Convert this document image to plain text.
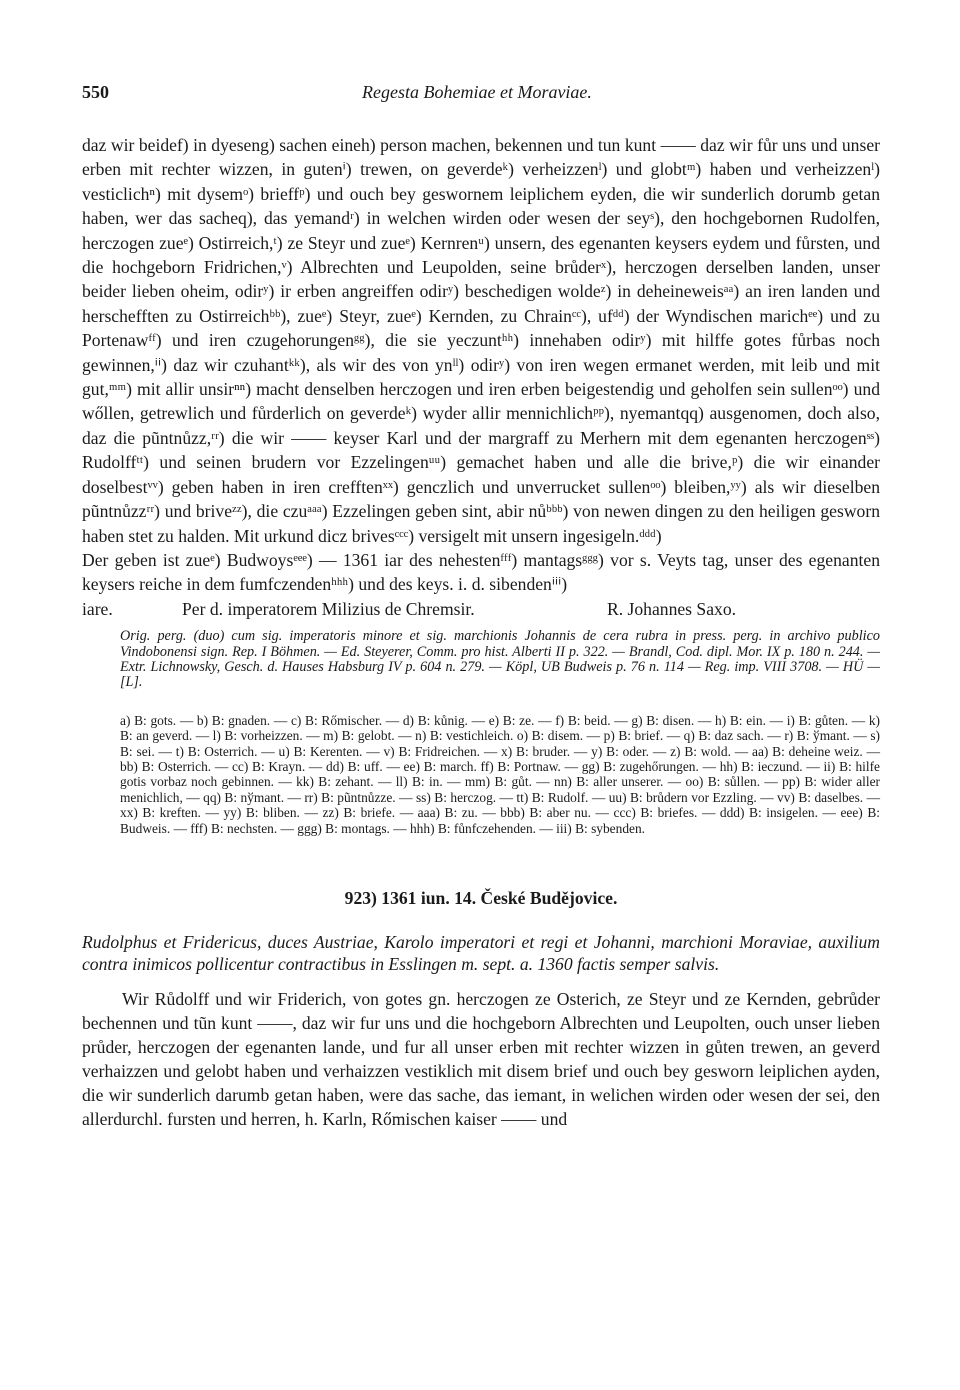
550	Regesta Bohemiae et Moraviae.

daz wir beidef) in dyeseng) sachen eineh) person machen, bekennen und tun kunt —— daz wir fůr uns und unser erben mit rechter wizzen, in gutenⁱ) trewen, on geverdeᵏ) verheizzenˡ) und globtᵐ) haben und verheizzenˡ) vesticlichⁿ) mit dysemᵒ) brieffᵖ) und ouch bey geswornem leiplichem eyden, die wir sunderlich dorumb getan haben, wer das sacheq), das yemandʳ) in welchen wirden oder wesen der seyˢ), den hochgebornen Rudolfen, herczogen zueᵉ) Ostirreich,ᵗ) ze Steyr und zueᵉ) Kernrenᵘ) unsern, des egenanten keysers eydem und fůrsten, und die hochgeborn Fridrichen,ᵛ) Albrechten und Leupolden, seine brůderˣ), herczogen derselben landen, unser beider lieben oheim, odirʸ) ir erben angreiffen odirʸ) beschedigen woldeᶻ) in deheineweisᵃᵃ) an iren landen und herschefften zu Ostirreichᵇᵇ), zueᵉ) Steyr, zueᵉ) Kernden, zu Chrainᶜᶜ), ufᵈᵈ) der Wyndischen marichᵉᵉ) und zu Portenawᶠᶠ) und iren czugehorungenᵍᵍ), die sie yeczuntʰʰ) innehaben odirʸ) mit hilffe gotes fůrbas noch gewinnen,ⁱⁱ) daz wir czuhantᵏᵏ), als wir des von ynˡˡ) odirʸ) von iren wegen ermanet werden, mit leib und mit gut,ᵐᵐ) mit allir unsirⁿⁿ) macht denselben herczogen und iren erben beigestendig und geholfen sein sullenᵒᵒ) und wőllen, getrewlich und fůrderlich on geverdeᵏ) wyder allir mennichlichᵖᵖ), nyemantqq) ausgenomen, doch also, daz die pũntnůzz,ʳʳ) die wir —— keyser Karl und der margraff zu Merhern mit dem egenanten herczogenˢˢ) Rudolffᵗᵗ) und seinen brudern vor Ezzelingenᵘᵘ) gemachet haben und alle die brive,ᵖ) die wir einander doselbestᵛᵛ) geben haben in iren crefftenˣˣ) genczlich und unverrucket sullenᵒᵒ) bleiben,ʸʸ) als wir dieselben pũntnůzzʳʳ) und briveᶻᶻ), die czuᵃᵃᵃ) Ezzelingen geben sint, abir nůᵇᵇᵇ) von newen dingen zu den heiligen gesworn haben stet zu halden. Mit urkund dicz brivesᶜᶜᶜ) versigelt mit unsern ingesigeln.ᵈᵈᵈ)

Der geben ist zueᵉ) Budwoysᵉᵉᵉ) — 1361 iar des nehestenᶠᶠᶠ) mantagsᵍᵍᵍ) vor s. Veyts tag, unser des egenanten keysers reiche in dem fumfczendenʰʰʰ) und des keys. i. d. sibendenⁱⁱⁱ)

iare.	Per d. imperatorem Milizius de Chremsir.	R. Johannes Saxo.

Orig. perg. (duo) cum sig. imperatoris minore et sig. marchionis Johannis de cera rubra in press. perg. in archivo publico Vindobonensi sign. Rep. I Böhmen. — Ed. Steyerer, Comm. pro hist. Alberti II p. 322. — Brandl, Cod. dipl. Mor. IX p. 180 n. 244. — Extr. Lichnowsky, Gesch. d. Hauses Habsburg IV p. 604 n. 279. — Köpl, UB Budweis p. 76 n. 114 — Reg. imp. VIII 3708. — HÜ — [L].

a) B: gots. — b) B: gnaden. — c) B: Rőmischer. — d) B: kůnig. — e) B: ze. — f) B: beid. — g) B: disen. — h) B: ein. — i) B: gůten. — k) B: an geverd. — l) B: vorheizzen. — m) B: gelobt. — n) B: vestichleich. o) B: disem. — p) B: brief. — q) B: daz sach. — r) B: ўmant. — s) B: sei. — t) B: Osterrich. — u) B: Kerenten. — v) B: Fridreichen. — x) B: bruder. — y) B: oder. — z) B: wold. — aa) B: deheine weiz. — bb) B: Osterrich. — cc) B: Krayn. — dd) B: uff. — ee) B: march. ff) B: Portnaw. — gg) B: zugehőrungen. — hh) B: ieczund. — ii) B: hilfe gotis vorbaz noch gebinnen. — kk) B: zehant. — ll) B: in. — mm) B: gůt. — nn) B: aller unserer. — oo) B: sůllen. — pp) B: wider aller menichlich, — qq) B: nўmant. — rr) B: pũntnůzze. — ss) B: herczog. — tt) B: Rudolf. — uu) B: brůdern vor Ezzling. — vv) B: daselbes. — xx) B: kreften. — yy) B: bliben. — zz) B: briefe. — aaa) B: zu. — bbb) B: aber nu. — ccc) B: briefes. — ddd) B: insigelen. — eee) B: Budweis. — fff) B: nechsten. — ggg) B: montags. — hhh) B: fůnfczehenden. — iii) B: sybenden.

923) 1361 iun. 14. České Budějovice.

Rudolphus et Fridericus, duces Austriae, Karolo imperatori et regi et Johanni, marchioni Moraviae, auxilium contra inimicos pollicentur contractibus in Esslingen m. sept. a. 1360 factis semper salvis.

Wir Růdolff und wir Friderich, von gotes gn. herczogen ze Osterich, ze Steyr und ze Kernden, gebrůder bechennen und tũn kunt ——, daz wir fur uns und die hochgeborn Albrechten und Leupolten, ouch unser lieben průder, herczogen der egenanten lande, und fur all unser erben mit rechter wizzen in gůten trewen, an geverd verhaizzen und gelobt haben und verhaizzen vestiklich mit disem brief und ouch bey gesworn leiplichen ayden, die wir sunderlich darumb getan haben, were das sache, das iemant, in welichen wirden oder wesen der sei, den allerdurchl. fursten und herren, h. Karln, Rőmischen kaiser —— und
